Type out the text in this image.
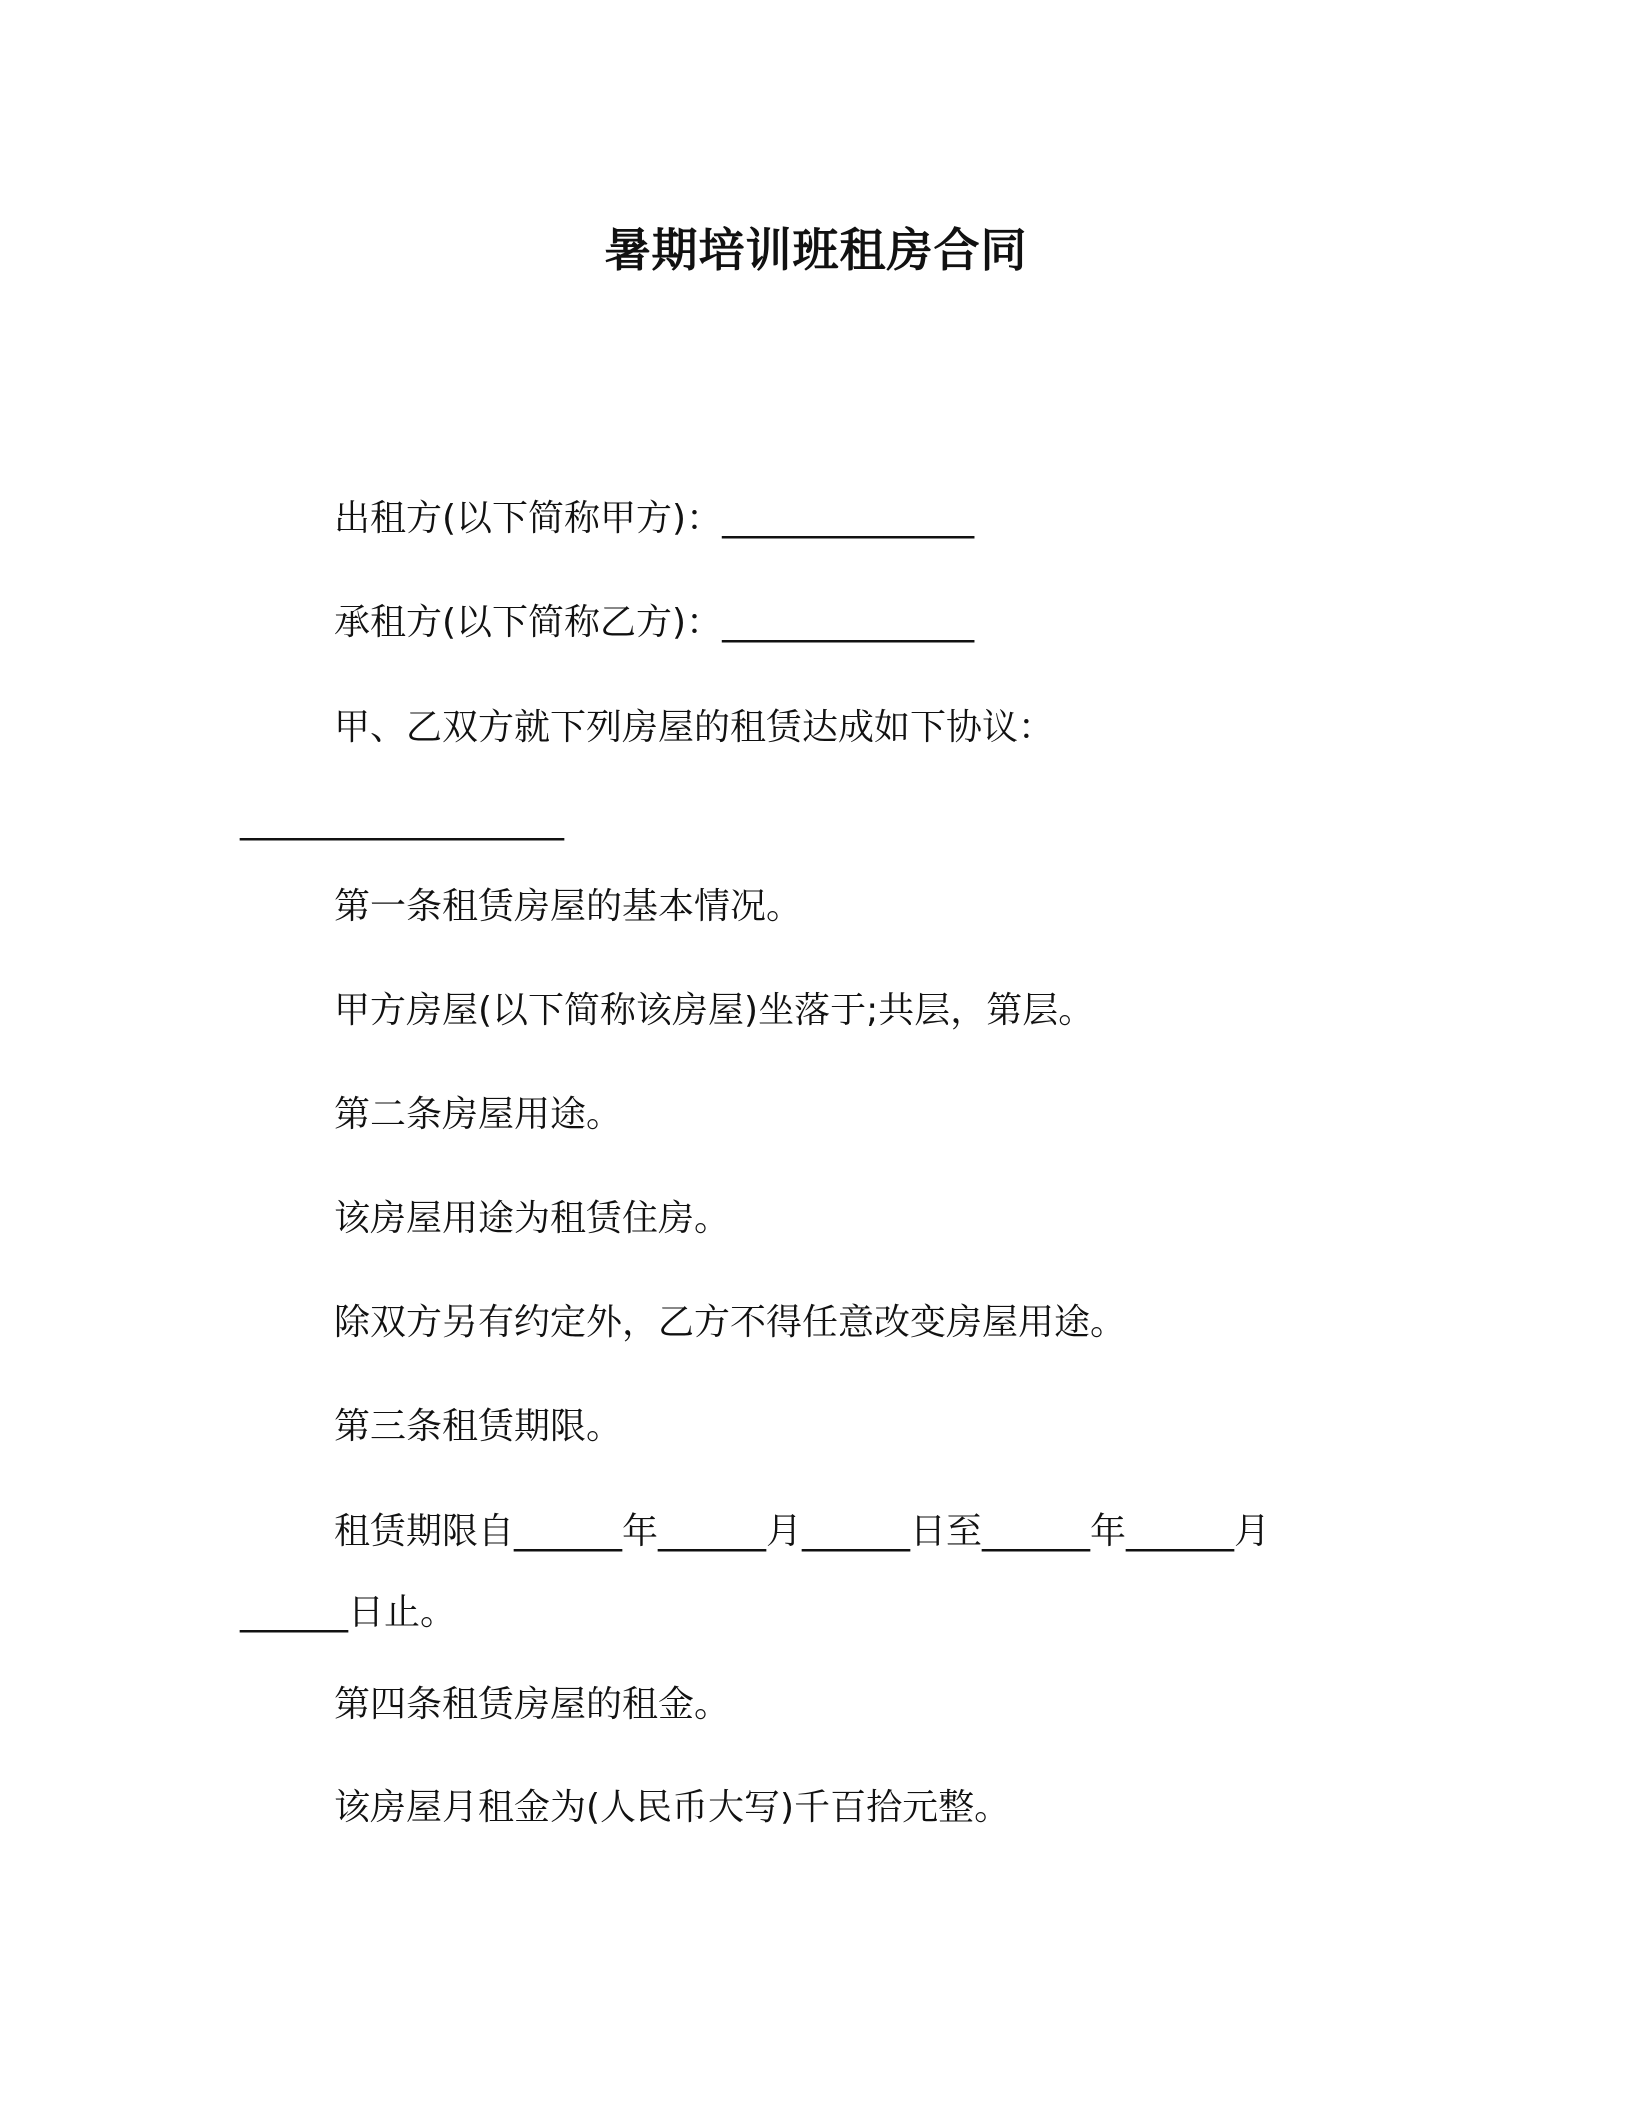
暑期培训班租房合同
出租方(以下简称甲方)：______________
承租方(以下简称乙方)：______________
甲、乙双方就下列房屋的租赁达成如下协议：
__________________
第一条租赁房屋的基本情况。
甲方房屋(以下简称该房屋)坐落于;共层，第层。
第二条房屋用途。
该房屋用途为租赁住房。
除双方另有约定外，乙方不得任意改变房屋用途。
第三条租赁期限。
租赁期限自______年______月______日至______年______月
______日止。
第四条租赁房屋的租金。
该房屋月租金为(人民币大写)千百拾元整。
